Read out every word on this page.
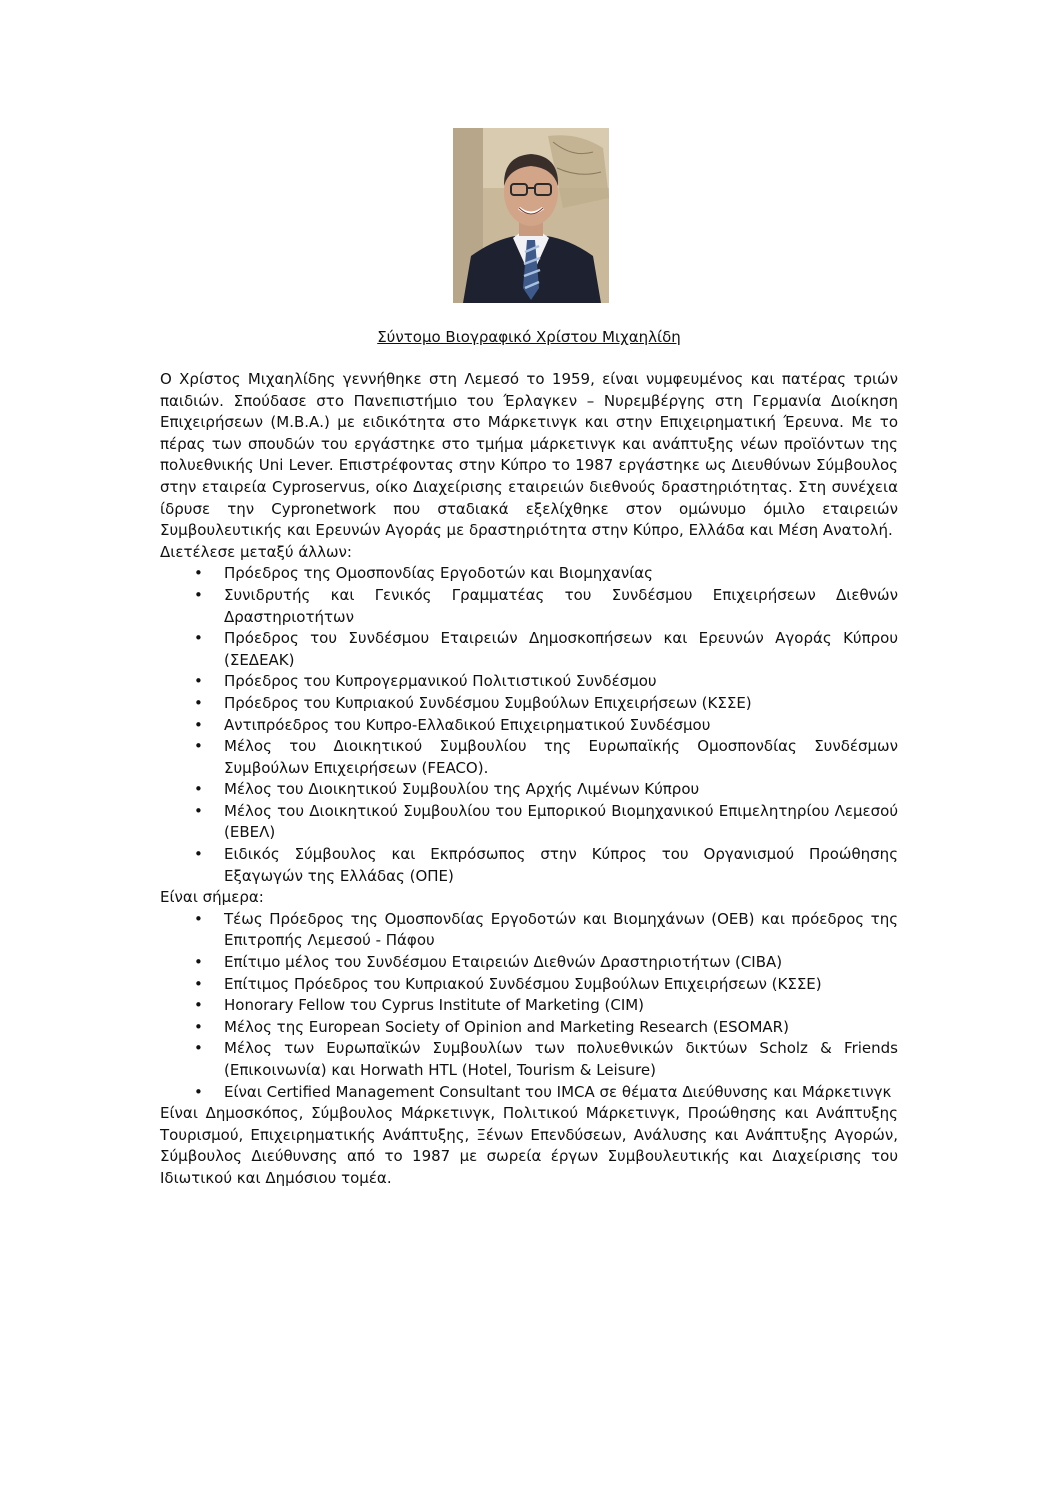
Σύντομο Βιογραφικό Χρίστου Μιχαηλίδη

Ο Χρίστος Μιχαηλίδης γεννήθηκε στη Λεμεσό το 1959, είναι νυμφευμένος και πατέρας τριών παιδιών. Σπούδασε στο Πανεπιστήμιο του Έρλαγκεν – Νυρεμβέργης στη Γερμανία Διοίκηση Επιχειρήσεων (Μ.Β.Α.) με ειδικότητα στο Μάρκετινγκ και στην Επιχειρηματική Έρευνα. Με το πέρας των σπουδών του εργάστηκε στο τμήμα μάρκετινγκ και ανάπτυξης νέων προϊόντων της πολυεθνικής Uni Lever. Επιστρέφοντας στην Κύπρο το 1987 εργάστηκε ως Διευθύνων Σύμβουλος στην εταιρεία Cyproservus, οίκο Διαχείρισης εταιρειών διεθνούς δραστηριότητας. Στη συνέχεια ίδρυσε την Cypronetwork που σταδιακά εξελίχθηκε στον ομώνυμο όμιλο εταιρειών Συμβουλευτικής και Ερευνών Αγοράς με δραστηριότητα στην Κύπρο, Ελλάδα και Μέση Ανατολή.

Διετέλεσε μεταξύ άλλων:

• Πρόεδρος της Ομοσπονδίας Εργοδοτών και Βιομηχανίας
• Συνιδρυτής και Γενικός Γραμματέας του Συνδέσμου Επιχειρήσεων Διεθνών Δραστηριοτήτων
• Πρόεδρος του Συνδέσμου Εταιρειών Δημοσκοπήσεων και Ερευνών Αγοράς Κύπρου (ΣΕΔΕΑΚ)
• Πρόεδρος του Κυπρογερμανικού Πολιτιστικού Συνδέσμου
• Πρόεδρος του Κυπριακού Συνδέσμου Συμβούλων Επιχειρήσεων (ΚΣΣΕ)
• Αντιπρόεδρος του Κυπρο-Ελλαδικού Επιχειρηματικού Συνδέσμου
• Μέλος του Διοικητικού Συμβουλίου της Ευρωπαϊκής Ομοσπονδίας Συνδέσμων Συμβούλων Επιχειρήσεων (FEACO).
• Μέλος του Διοικητικού Συμβουλίου της Αρχής Λιμένων Κύπρου
• Μέλος του Διοικητικού Συμβουλίου του Εμπορικού Βιομηχανικού Επιμελητηρίου Λεμεσού (ΕΒΕΛ)
• Ειδικός Σύμβουλος και Εκπρόσωπος στην Κύπρος του Οργανισμού Προώθησης Εξαγωγών της Ελλάδας (ΟΠΕ)

Είναι σήμερα:

• Τέως Πρόεδρος της Ομοσπονδίας Εργοδοτών και Βιομηχάνων (ΟΕΒ) και πρόεδρος της Επιτροπής Λεμεσού - Πάφου
• Επίτιμο μέλος του Συνδέσμου Εταιρειών Διεθνών Δραστηριοτήτων (CIBA)
• Επίτιμος Πρόεδρος του Κυπριακού Συνδέσμου Συμβούλων Επιχειρήσεων (ΚΣΣΕ)
• Honorary Fellow του Cyprus Institute of Marketing (CIM)
• Μέλος της European Society of Opinion and Marketing Research (ESOMAR)
• Μέλος των Ευρωπαϊκών Συμβουλίων των πολυεθνικών δικτύων Scholz & Friends (Επικοινωνία) και Horwath HTL (Hotel, Tourism & Leisure)
• Είναι Certified Management Consultant του IMCA σε θέματα Διεύθυνσης και Μάρκετινγκ

Είναι Δημοσκόπος, Σύμβουλος Μάρκετινγκ, Πολιτικού Μάρκετινγκ, Προώθησης και Ανάπτυξης Τουρισμού, Επιχειρηματικής Ανάπτυξης, Ξένων Επενδύσεων, Ανάλυσης και Ανάπτυξης Αγορών, Σύμβουλος Διεύθυνσης από το 1987 με σωρεία έργων Συμβουλευτικής και Διαχείρισης του Ιδιωτικού και Δημόσιου τομέα.
